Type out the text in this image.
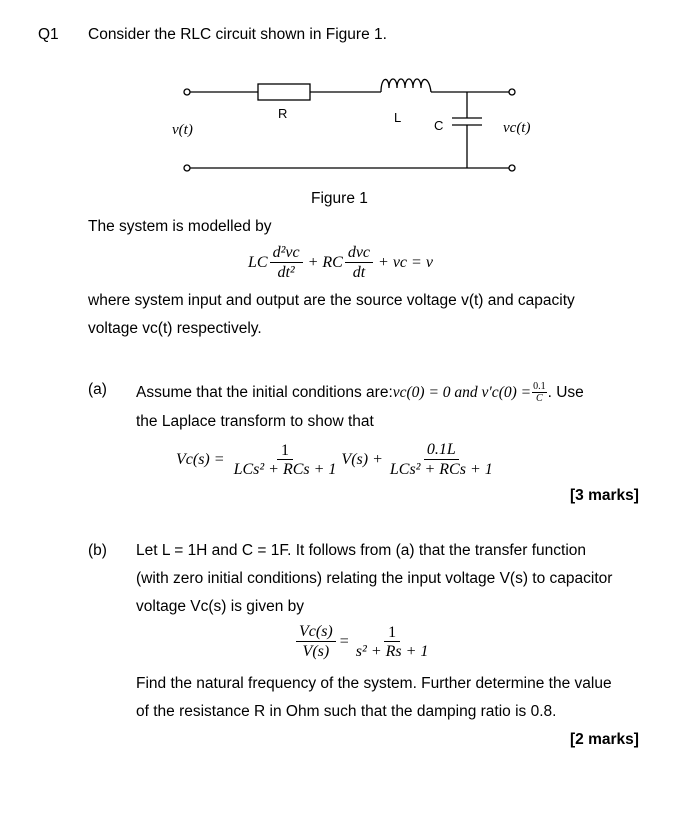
Q1 Consider the RLC circuit shown in Figure 1.
R	L
C
v(t)	vc(t)
Figure 1
The system is modelled by
LC $\frac{\text{d²vc}}{\text{dt²}}$ + RC $\frac{\text{dvc}}{dt}$ + vc = v
where system input and output are the source voltage v(t) and capacity
voltage vc(t) respectively.
(a) Assume that the initial conditions are: vc(0) = 0 and $v'c(0) = \frac{0.1}{C}$ . Use
the Laplace transform to show that
$Vc(s) = \frac{1}{\text{LCs² + RCs + 1}} V(s) + \frac{0.1L}{\text{LCs² + RCs + 1}}$
[3 marks]
(b) Let L = 1H and C = 1F. It follows from (a) that the transfer function
(with zero initial conditions) relating the input voltage V(s) to capacitor
voltage Vc(s) is given by
$\frac{Vc(s)}{V(s)} = \frac{1}{\text{s² + Rs + 1}}$
Find the natural frequency of the system. Further determine the value
of the resistance R in Ohm such that the damping ratio is 0.8.
[2 marks]
